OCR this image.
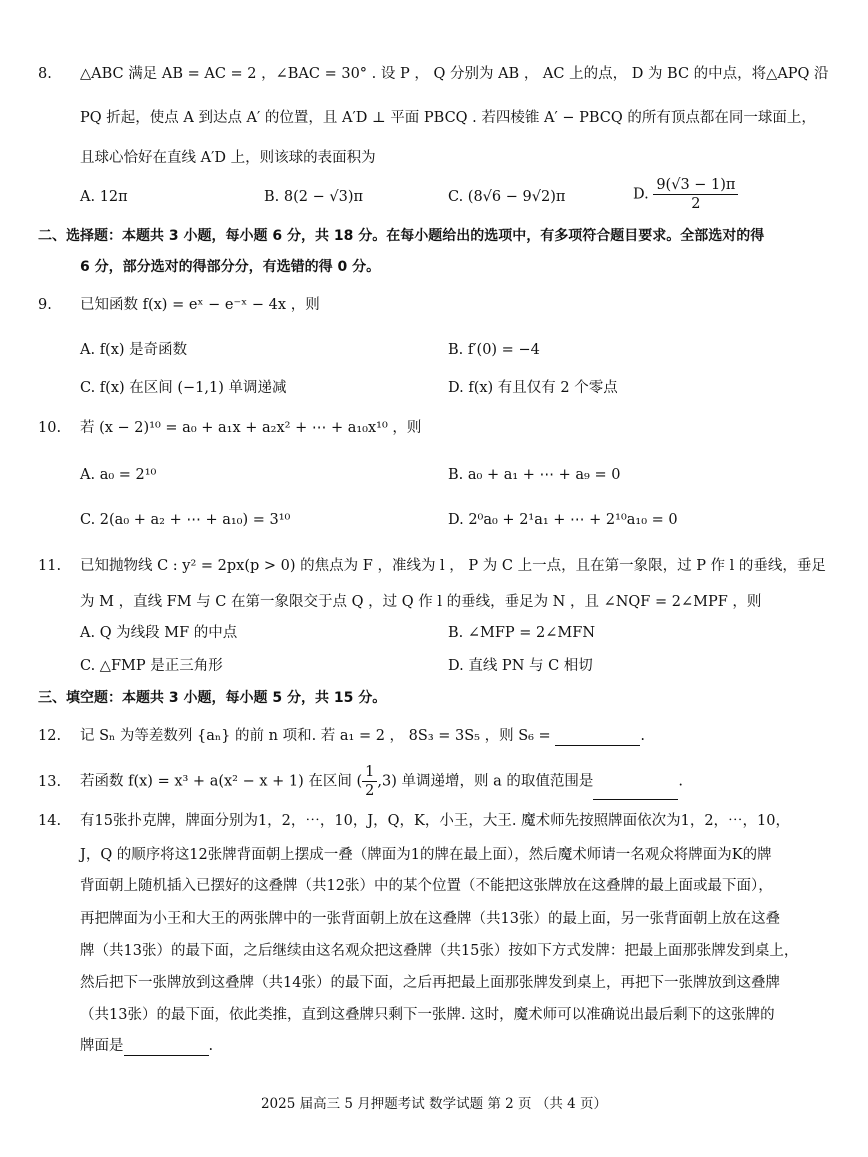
8. △ABC 满足 AB = AC = 2 ，∠BAC = 30° . 设 P ， Q 分别为 AB ， AC 上的点， D 为 BC 的中点，将△APQ 沿
PQ 折起，使点 A 到达点 A′ 的位置，且 A′D ⊥ 平面 PBCQ . 若四棱锥 A′ − PBCQ 的所有顶点都在同一球面上，
且球心恰好在直线 A′D 上，则该球的表面积为
A. 12π	B. 8(2 − √3)π	C. (8√6 − 9√2)π	D. $\frac{9(√3 - 1)\pi}{2}$
二、选择题：本题共 3 小题，每小题 6 分，共 18 分。在每小题给出的选项中，有多项符合题目要求。全部选对的得
6 分，部分选对的得部分分，有选错的得 0 分。
9. 已知函数 f(x) = eˣ − e⁻ˣ − 4x ，则
A. f(x) 是奇函数	B. f′(0) = −4
C. f(x) 在区间 (−1,1) 单调递减	D. f(x) 有且仅有 2 个零点
10. 若 (x − 2)¹⁰ = a₀ + a₁x + a₂x² + ⋯ + a₁₀x¹⁰ ，则
A. a₀ = 2¹⁰	B. a₀ + a₁ + ⋯ + a₉ = 0
C. 2(a₀ + a₂ + ⋯ + a₁₀) = 3¹⁰	D. 2⁰a₀ + 2¹a₁ + ⋯ + 2¹⁰a₁₀ = 0
11. 已知抛物线 C : y² = 2px(p > 0) 的焦点为 F ，准线为 l ， P 为 C 上一点，且在第一象限，过 P 作 l 的垂线，垂足
为 M ，直线 FM 与 C 在第一象限交于点 Q ，过 Q 作 l 的垂线，垂足为 N ，且 ∠NQF = 2∠MPF ，则
A. Q 为线段 MF 的中点	B. ∠MFP = 2∠MFN
C. △FMP 是正三角形	D. 直线 PN 与 C 相切
三、填空题：本题共 3 小题，每小题 5 分，共 15 分。
12. 记 Sₙ 为等差数列 {aₙ} 的前 n 项和. 若 a₁ = 2 ， 8S₃ = 3S₅ ，则 S₆ =	.
13. 若函数 f(x) = x³ + a(x² − x + 1) 在区间 ( $\frac{1}{2} ,3$) 单调递增，则 a 的取值范围是	.
14. 有15张扑克牌，牌面分别为1，2，⋯，10，J，Q，K，小王，大王. 魔术师先按照牌面依次为1，2，⋯，10，
J，Q 的顺序将这12张牌背面朝上摆成一叠（牌面为1的牌在最上面），然后魔术师请一名观众将牌面为K的牌
背面朝上随机插入已摆好的这叠牌（共12张）中的某个位置（不能把这张牌放在这叠牌的最上面或最下面），
再把牌面为小王和大王的两张牌中的一张背面朝上放在这叠牌（共13张）的最上面，另一张背面朝上放在这叠
牌（共13张）的最下面，之后继续由这名观众把这叠牌（共15张）按如下方式发牌：把最上面那张牌发到桌上，
然后把下一张牌放到这叠牌（共14张）的最下面，之后再把最上面那张牌发到桌上，再把下一张牌放到这叠牌
（共13张）的最下面，依此类推，直到这叠牌只剩下一张牌. 这时，魔术师可以准确说出最后剩下的这张牌的
牌面是	.
2025 届高三 5 月押题考试 数学试题 第 2 页 （共 4 页）
